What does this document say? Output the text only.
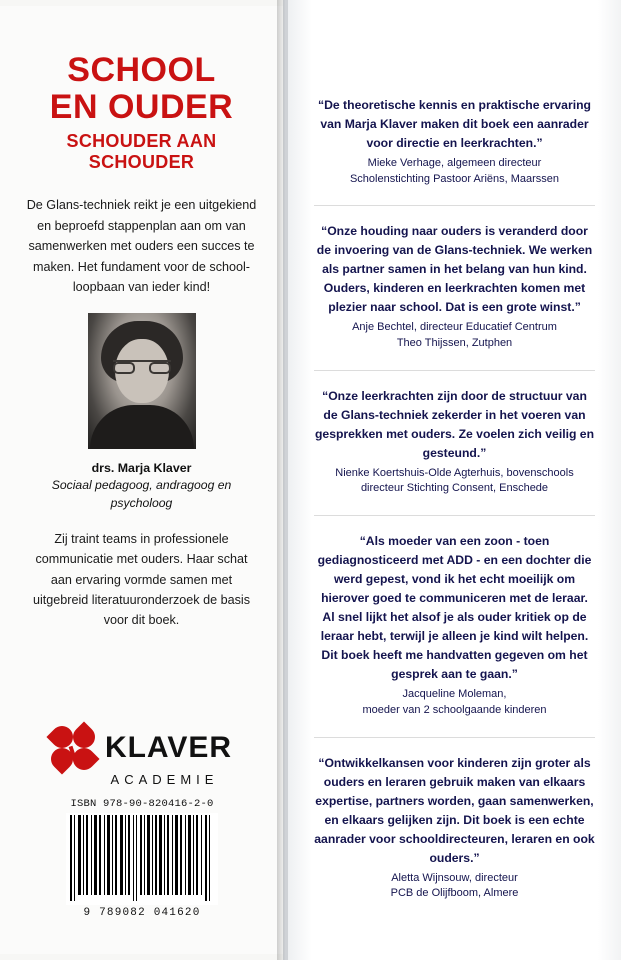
SCHOOL
EN OUDER
SCHOUDER AAN SCHOUDER
De Glans-techniek reikt je een uitgekiend en beproefd stappenplan aan om van samenwerken met ouders een succes te maken. Het fundament voor de school-loopbaan van ieder kind!
drs. Marja Klaver
Sociaal pedagoog, andragoog en psycholoog
Zij traint teams in professionele communicatie met ouders. Haar schat aan ervaring vormde samen met uitgebreid literatuuronderzoek de basis voor dit boek.
KLAVER
ACADEMIE
ISBN 978-90-820416-2-0
9 789082 041620

“De theoretische kennis en praktische ervaring van Marja Klaver maken dit boek een aanrader voor directie en leerkrachten.”

Mieke Verhage, algemeen directeur
Scholenstichting Pastoor Ariëns, Maarssen

“Onze houding naar ouders is veranderd door de invoering van de Glans-techniek. We werken als partner samen in het belang van hun kind. Ouders, kinderen en leerkrachten komen met plezier naar school. Dat is een grote winst.”

Anje Bechtel, directeur Educatief Centrum
Theo Thijssen, Zutphen

“Onze leerkrachten zijn door de structuur van de Glans-techniek zekerder in het voeren van gesprekken met ouders. Ze voelen zich veilig en gesteund.”

Nienke Koertshuis-Olde Agterhuis, bovenschools directeur Stichting Consent, Enschede

“Als moeder van een zoon - toen gediagnosticeerd met ADD - en een dochter die werd gepest, vond ik het echt moeilijk om hierover goed te communiceren met de leraar. Al snel lijkt het alsof je als ouder kritiek op de leraar hebt, terwijl je alleen je kind wilt helpen. Dit boek heeft me handvatten gegeven om het gesprek aan te gaan.”

Jacqueline Moleman,
moeder van 2 schoolgaande kinderen

“Ontwikkelkansen voor kinderen zijn groter als ouders en leraren gebruik maken van elkaars expertise, partners worden, gaan samenwerken, en elkaars gelijken zijn. Dit boek is een echte aanrader voor schooldirecteuren, leraren en ook ouders.”

Aletta Wijnsouw, directeur
PCB de Olijfboom, Almere
